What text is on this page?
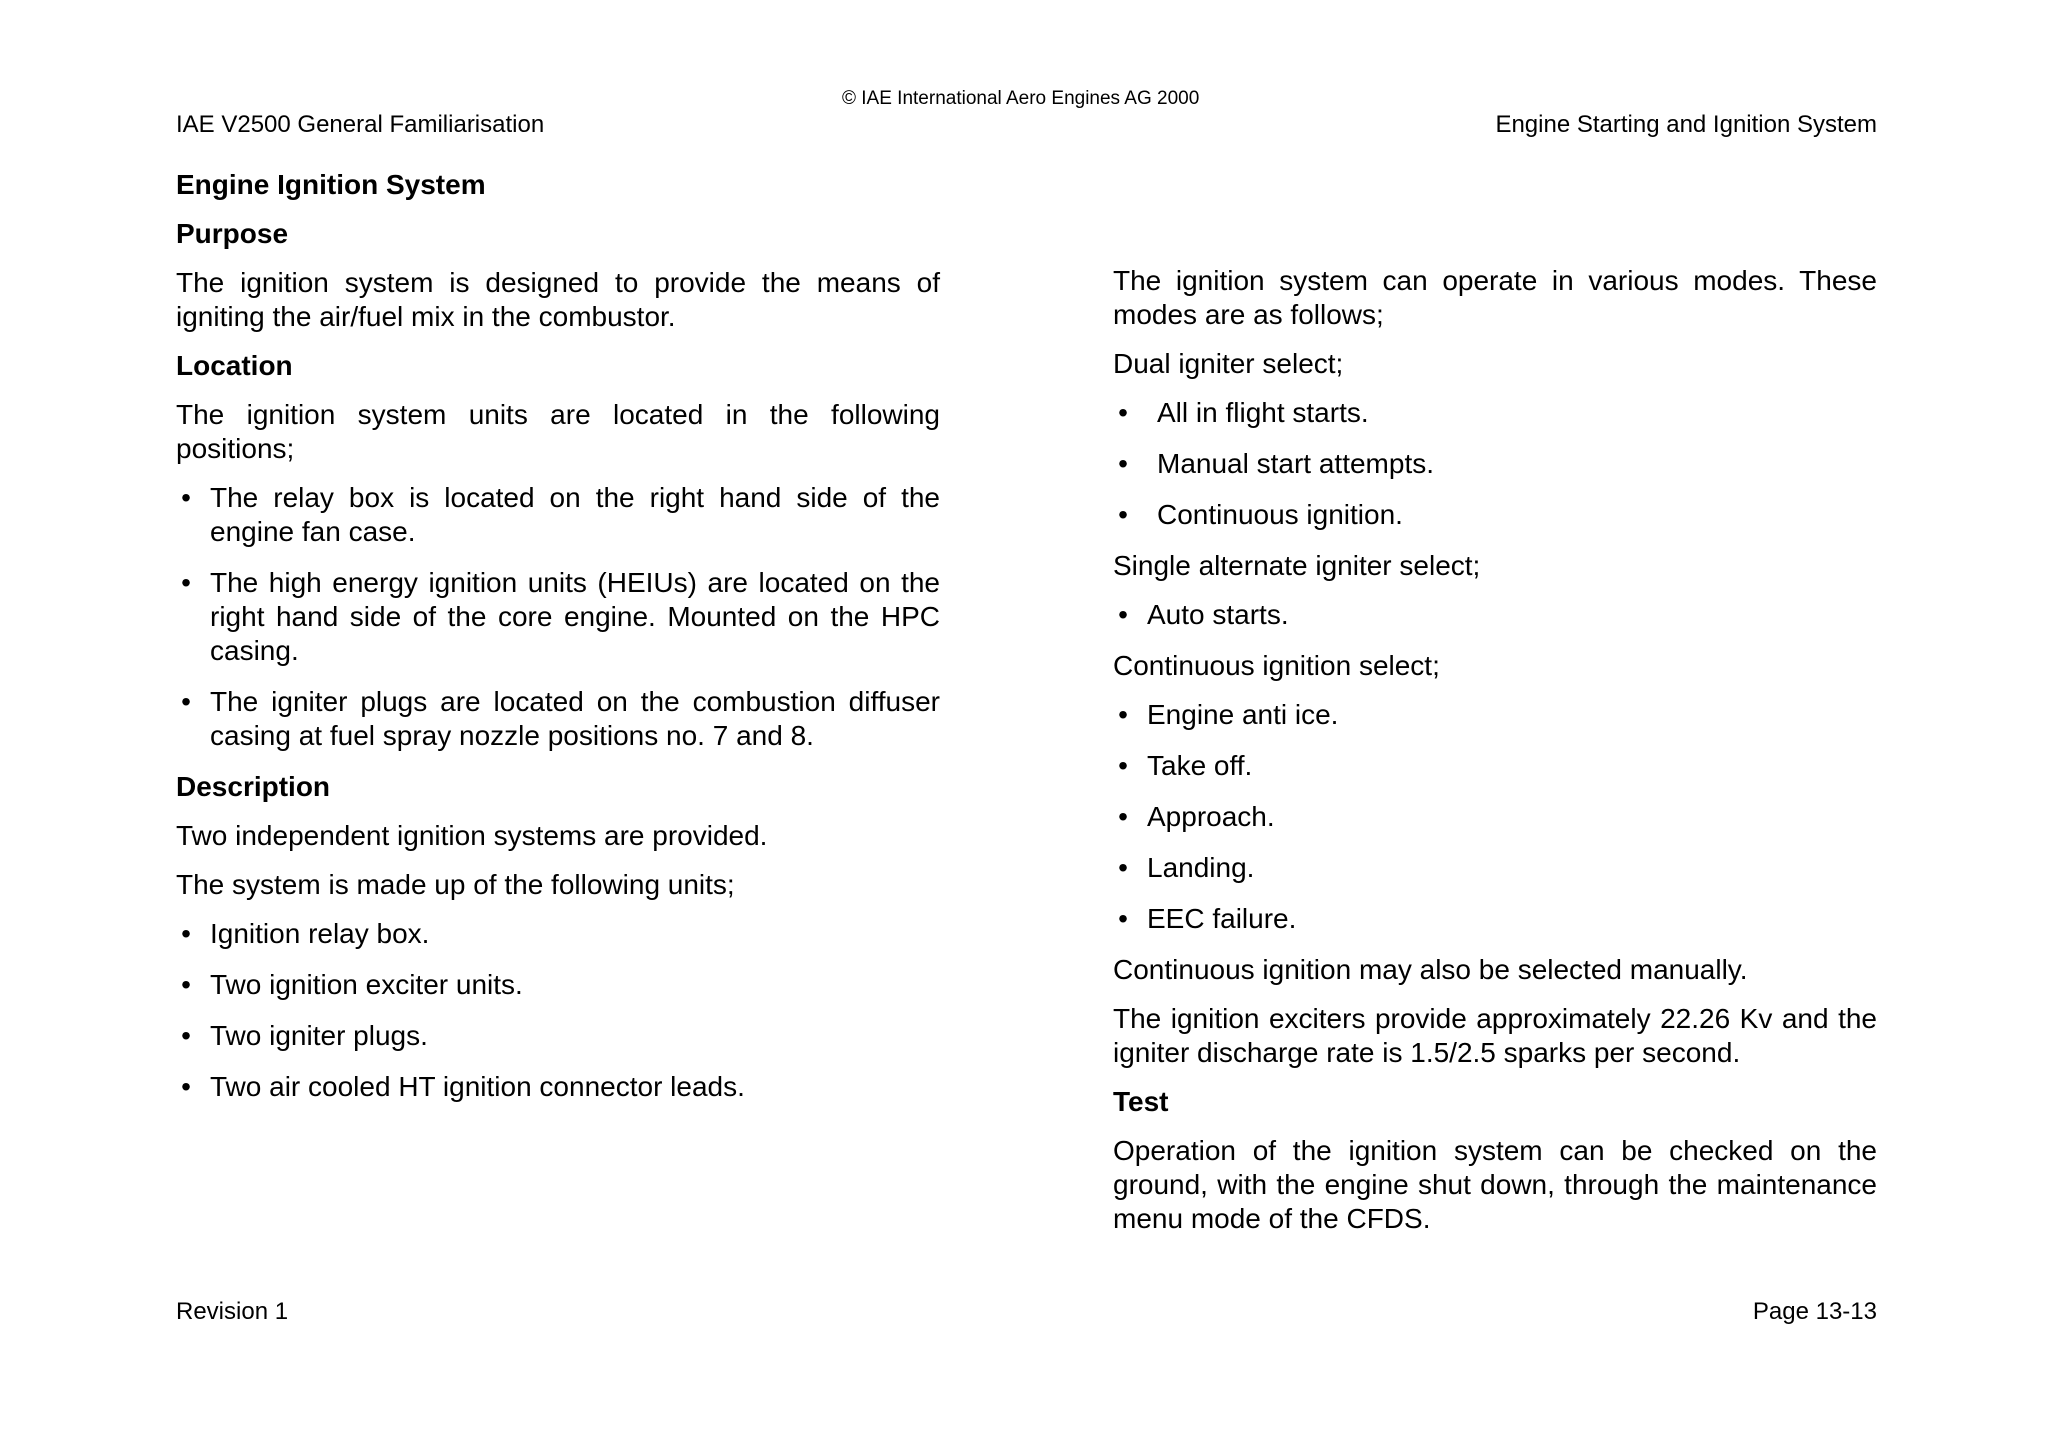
© IAE International Aero Engines AG 2000
IAE V2500 General Familiarisation	Engine Starting and Ignition System
Engine Ignition System
Purpose

The ignition system is designed to provide the means of igniting the air/fuel mix in the combustor.

Location

The ignition system units are located in the following positions;

• The relay box is located on the right hand side of the engine fan case.
• The high energy ignition units (HEIUs) are located on the right hand side of the core engine. Mounted on the HPC casing.
• The igniter plugs are located on the combustion diffuser casing at fuel spray nozzle positions no. 7 and 8.
Description

Two independent ignition systems are provided.

The system is made up of the following units;

• Ignition relay box.
• Two ignition exciter units.
• Two igniter plugs.
• Two air cooled HT ignition connector leads.

The ignition system can operate in various modes. These modes are as follows;

Dual igniter select;

• All in flight starts.
• Manual start attempts.
• Continuous ignition.

Single alternate igniter select;

• Auto starts.

Continuous ignition select;

• Engine anti ice.
• Take off.
• Approach.
• Landing.
• EEC failure.

Continuous ignition may also be selected manually.

The ignition exciters provide approximately 22.26 Kv and the igniter discharge rate is 1.5/2.5 sparks per second.

Test

Operation of the ignition system can be checked on the ground, with the engine shut down, through the maintenance menu mode of the CFDS.

Revision 1	Page 13-13
